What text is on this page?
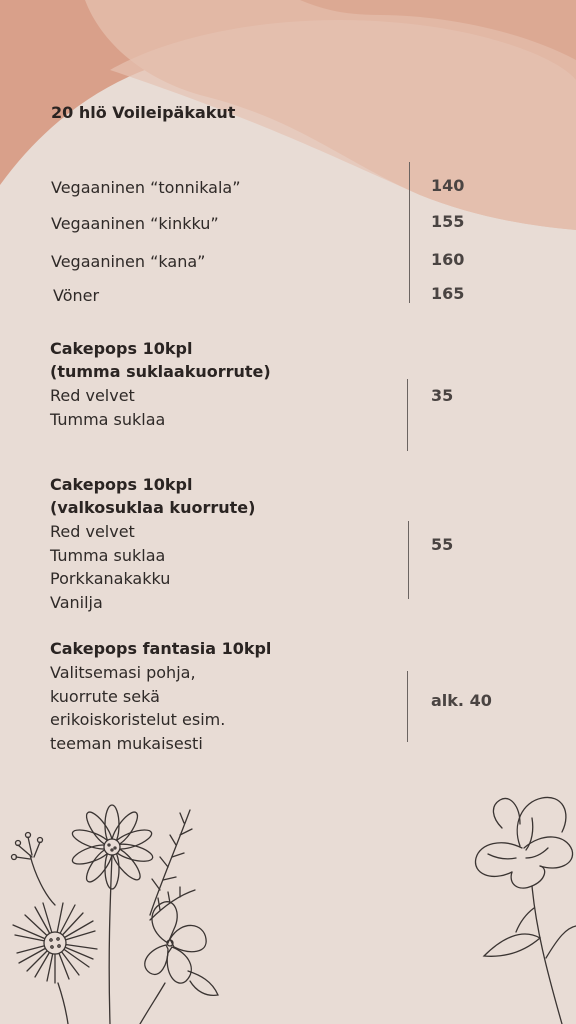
20 hlö Voileipäkakut
Vegaaninen “tonnikala”	140
Vegaaninen “kinkku”	155
Vegaaninen “kana”	160
Vöner	165
Cakepops 10kpl
(tumma suklaakuorrute)
Red velvet
Tumma suklaa
35
Cakepops 10kpl
(valkosuklaa kuorrute)
Red velvet
Tumma suklaa
Porkkanakakku
Vanilja
55
Cakepops fantasia 10kpl
Valitsemasi pohja,
kuorrute sekä
erikoiskoristelut esim.
teeman mukaisesti
alk. 40
